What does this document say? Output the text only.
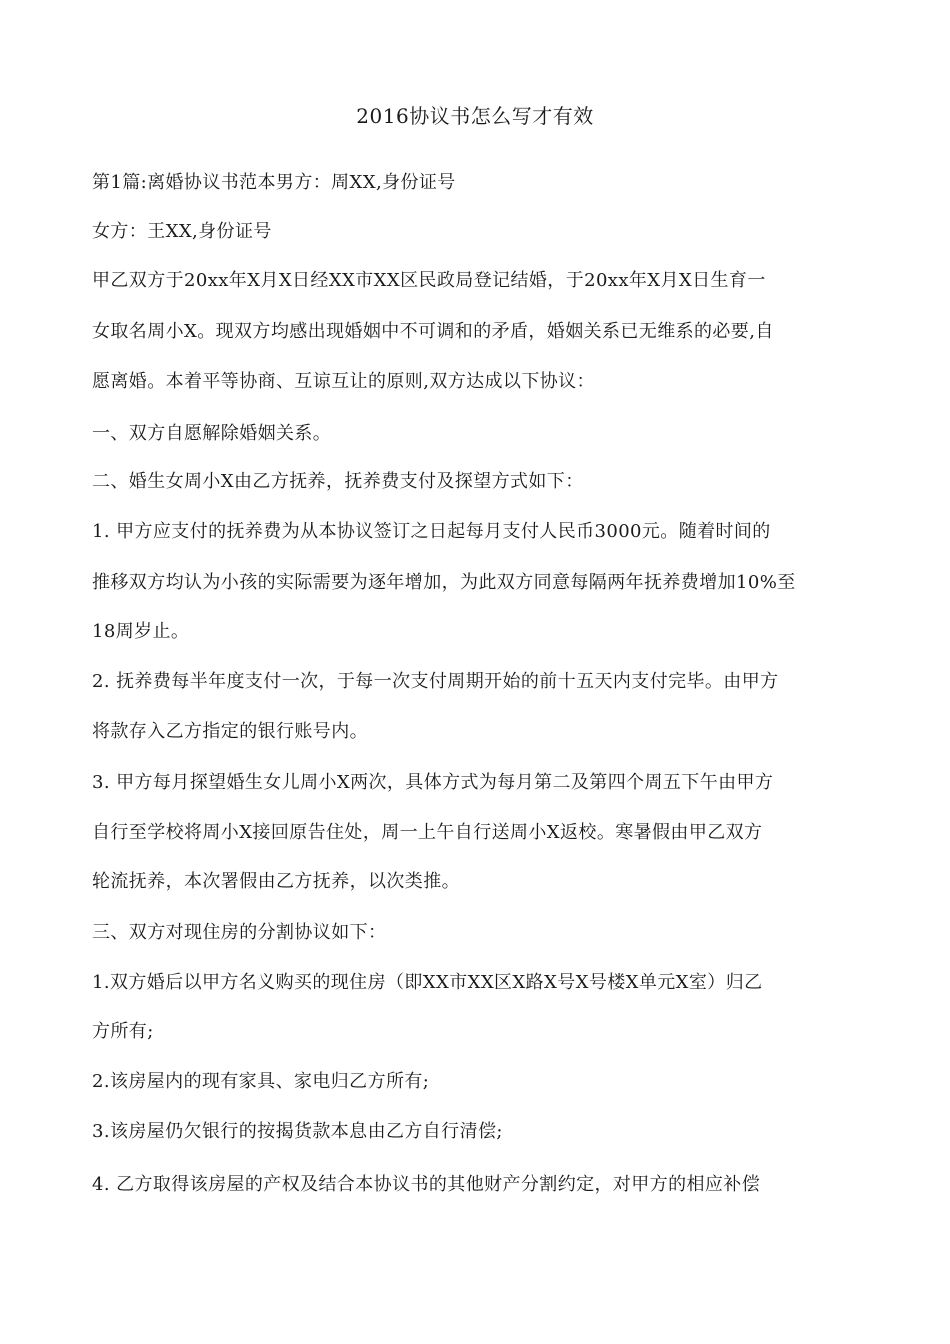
2016协议书怎么写才有效
第1篇:离婚协议书范本男方：周XX,身份证号
女方：王XX,身份证号
甲乙双方于20xx年X月X日经XX市XX区民政局登记结婚，于20xx年X月X日生育一
女取名周小X。现双方均感出现婚姻中不可调和的矛盾，婚姻关系已无维系的必要,自
愿离婚。本着平等协商、互谅互让的原则,双方达成以下协议：
一、双方自愿解除婚姻关系。
二、婚生女周小X由乙方抚养，抚养费支付及探望方式如下：
1. 甲方应支付的抚养费为从本协议签订之日起每月支付人民币3000元。随着时间的
推移双方均认为小孩的实际需要为逐年增加，为此双方同意每隔两年抚养费增加10%至
18周岁止。
2. 抚养费每半年度支付一次，于每一次支付周期开始的前十五天内支付完毕。由甲方
将款存入乙方指定的银行账号内。
3. 甲方每月探望婚生女儿周小X两次，具体方式为每月第二及第四个周五下午由甲方
自行至学校将周小X接回原告住处，周一上午自行送周小X返校。寒暑假由甲乙双方
轮流抚养，本次署假由乙方抚养，以次类推。
三、双方对现住房的分割协议如下：
1.双方婚后以甲方名义购买的现住房（即XX市XX区X路X号X号楼X单元X室）归乙
方所有;
2.该房屋内的现有家具、家电归乙方所有;
3.该房屋仍欠银行的按揭货款本息由乙方自行清偿;
4. 乙方取得该房屋的产权及结合本协议书的其他财产分割约定，对甲方的相应补偿
